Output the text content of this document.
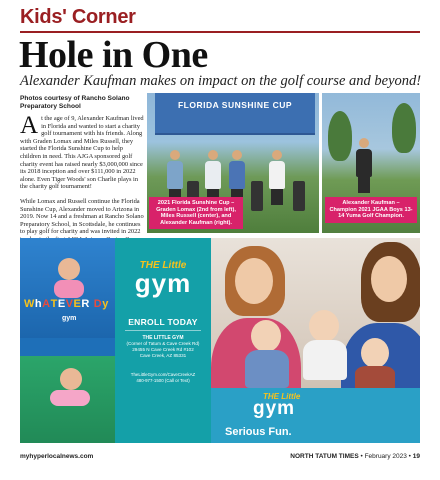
Kids' Corner
Hole in One
Alexander Kaufman makes on impact on the golf course and beyond!
Photos courtesy of Rancho Solano Preparatory School

At the age of 9, Alexander Kaufman lived in Florida and wanted to start a charity golf tournament with his friends. Along with Graden Lomax and Miles Russell, they started the Florida Sunshine Cup to help children in need. This AJGA sponsored golf charity event has raised nearly $3,000,000 since its 2018 inception and over $111,000 in 2022 alone. Even Tiger Woods' son Charlie plays in the charity golf tournament!

While Lomax and Russell continue the Florida Sunshine Cup, Alexander moved to Arizona in 2019. Now 14 and a freshman at Rancho Solano Preparatory School, in Scottsdale, he continues to play golf for charity and was invited in 2022

FLORIDA SUNSHINE CUP
2021 Florida Sunshine Cup – Graden Lomax (2nd from left), Miles Russell (center), and Alexander Kaufman (right).
Alexander Kaufman – Champion 2021 JGAA Boys 13-14 Yuma Golf Champion.
WhATEVER Dy
gym
THE Little
gym
ENROLL TODAY
THE LITTLE GYM
(Corner of Tatum & Cave Creek Rd)
29455 N Cave Creek Rd #102
Cave Creek, AZ 85331
TheLittleGym.com/CaveCreekAZ
480-977-1500 (Call or Text)
THE Little
gym
Serious Fun.
myhyperlocalnews.com	NORTH TATUM TIMES • February 2023 • 19
